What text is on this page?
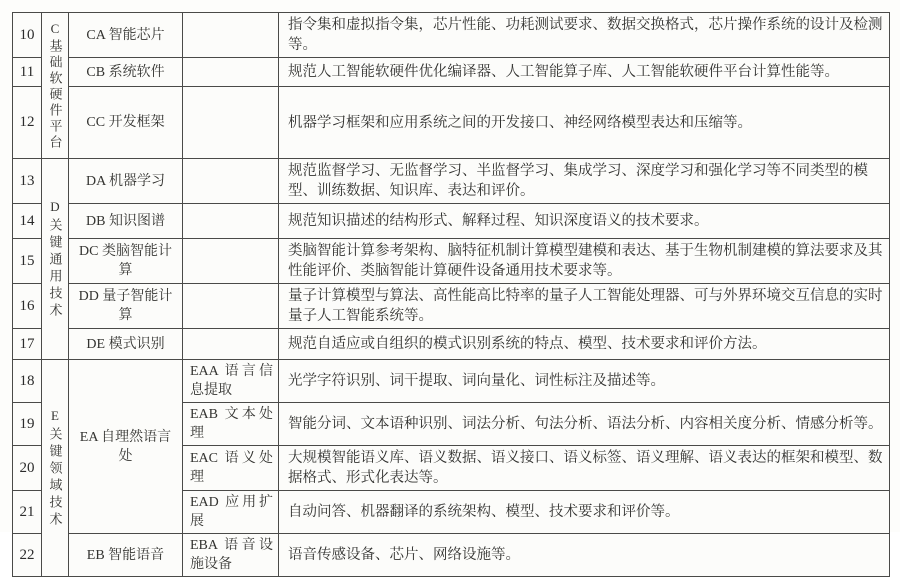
10	C基础软硬件平台	CA 智能芯片		指令集和虚拟指令集，芯片性能、功耗测试要求、数据交换格式，芯片操作系统的设计及检测等。
11		CB 系统软件		规范人工智能软硬件优化编译器、人工智能算子库、人工智能软硬件平台计算性能等。
12		CC 开发框架		机器学习框架和应用系统之间的开发接口、神经网络模型表达和压缩等。
13	D关键通用技术	DA 机器学习		规范监督学习、无监督学习、半监督学习、集成学习、深度学习和强化学习等不同类型的模型、训练数据、知识库、表达和评价。
14		DB 知识图谱		规范知识描述的结构形式、解释过程、知识深度语义的技术要求。
15		DC 类脑智能计算		类脑智能计算参考架构、脑特征机制计算模型建模和表达、基于生物机制建模的算法要求及其性能评价、类脑智能计算硬件设备通用技术要求等。
16		DD 量子智能计算		量子计算模型与算法、高性能高比特率的量子人工智能处理器、可与外界环境交互信息的实时量子人工智能系统等。
17		DE 模式识别		规范自适应或自组织的模式识别系统的特点、模型、技术要求和评价方法。
18	E关键领域技术	EA 自理然语言处	EAA 语言信息提取	光学字符识别、词干提取、词向量化、词性标注及描述等。
19			EAB 文本处理	智能分词、文本语种识别、词法分析、句法分析、语法分析、内容相关度分析、情感分析等。
20			EAC 语义处理	大规模智能语义库、语义数据、语义接口、语义标签、语义理解、语义表达的框架和模型、数据格式、形式化表达等。
21			EAD 应用扩展	自动问答、机器翻译的系统架构、模型、技术要求和评价等。
22		EB 智能语音	EBA 语音设施设备	语音传感设备、芯片、网络设施等。
